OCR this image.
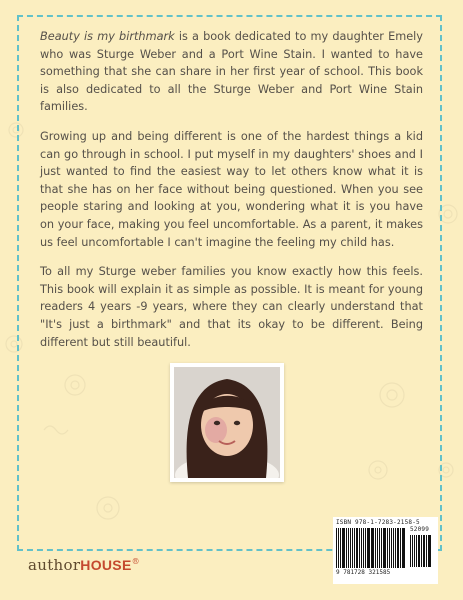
Beauty is my birthmark is a book dedicated to my daughter Emely who was Sturge Weber and a Port Wine Stain. I wanted to have something that she can share in her first year of school. This book is also dedicated to all the Sturge Weber and Port Wine Stain families.

Growing up and being different is one of the hardest things a kid can go through in school. I put myself in my daughters' shoes and I just wanted to find the easiest way to let others know what it is that she has on her face without being questioned. When you see people staring and looking at you, wondering what it is you have on your face, making you feel uncomfortable. As a parent, it makes us feel uncomfortable I can't imagine the feeling my child has.

To all my Sturge weber families you know exactly how this feels. This book will explain it as simple as possible. It is meant for young readers 4 years -9 years, where they can clearly understand that "It's just a birthmark" and that its okay to be different. Being different but still beautiful.

ISBN 978-1-7283-2158-5
52099
9 781728 321585
authorHOUSE®
